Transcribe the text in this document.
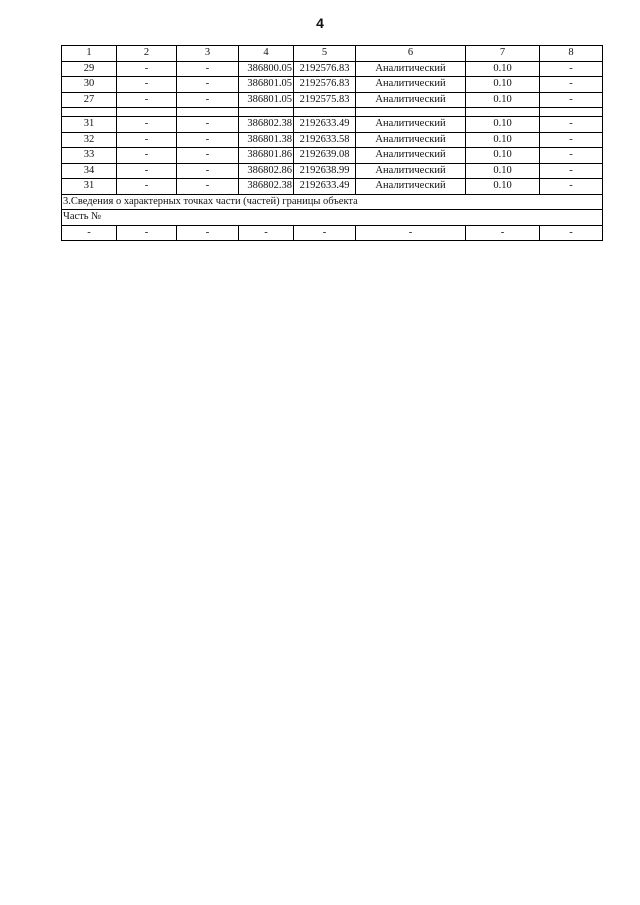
4
1	2	3	4	5	6	7	8
29	-	-	386800.05	2192576.83	Аналитический	0.10	-
30	-	-	386801.05	2192576.83	Аналитический	0.10	-
27	-	-	386801.05	2192575.83	Аналитический	0.10	-

31	-	-	386802.38	2192633.49	Аналитический	0.10	-
32	-	-	386801.38	2192633.58	Аналитический	0.10	-
33	-	-	386801.86	2192639.08	Аналитический	0.10	-
34	-	-	386802.86	2192638.99	Аналитический	0.10	-
31	-	-	386802.38	2192633.49	Аналитический	0.10	-
3.Сведения о характерных точках части (частей) границы объекта							
Часть №							
-	-	-	-	-	-	-	-
